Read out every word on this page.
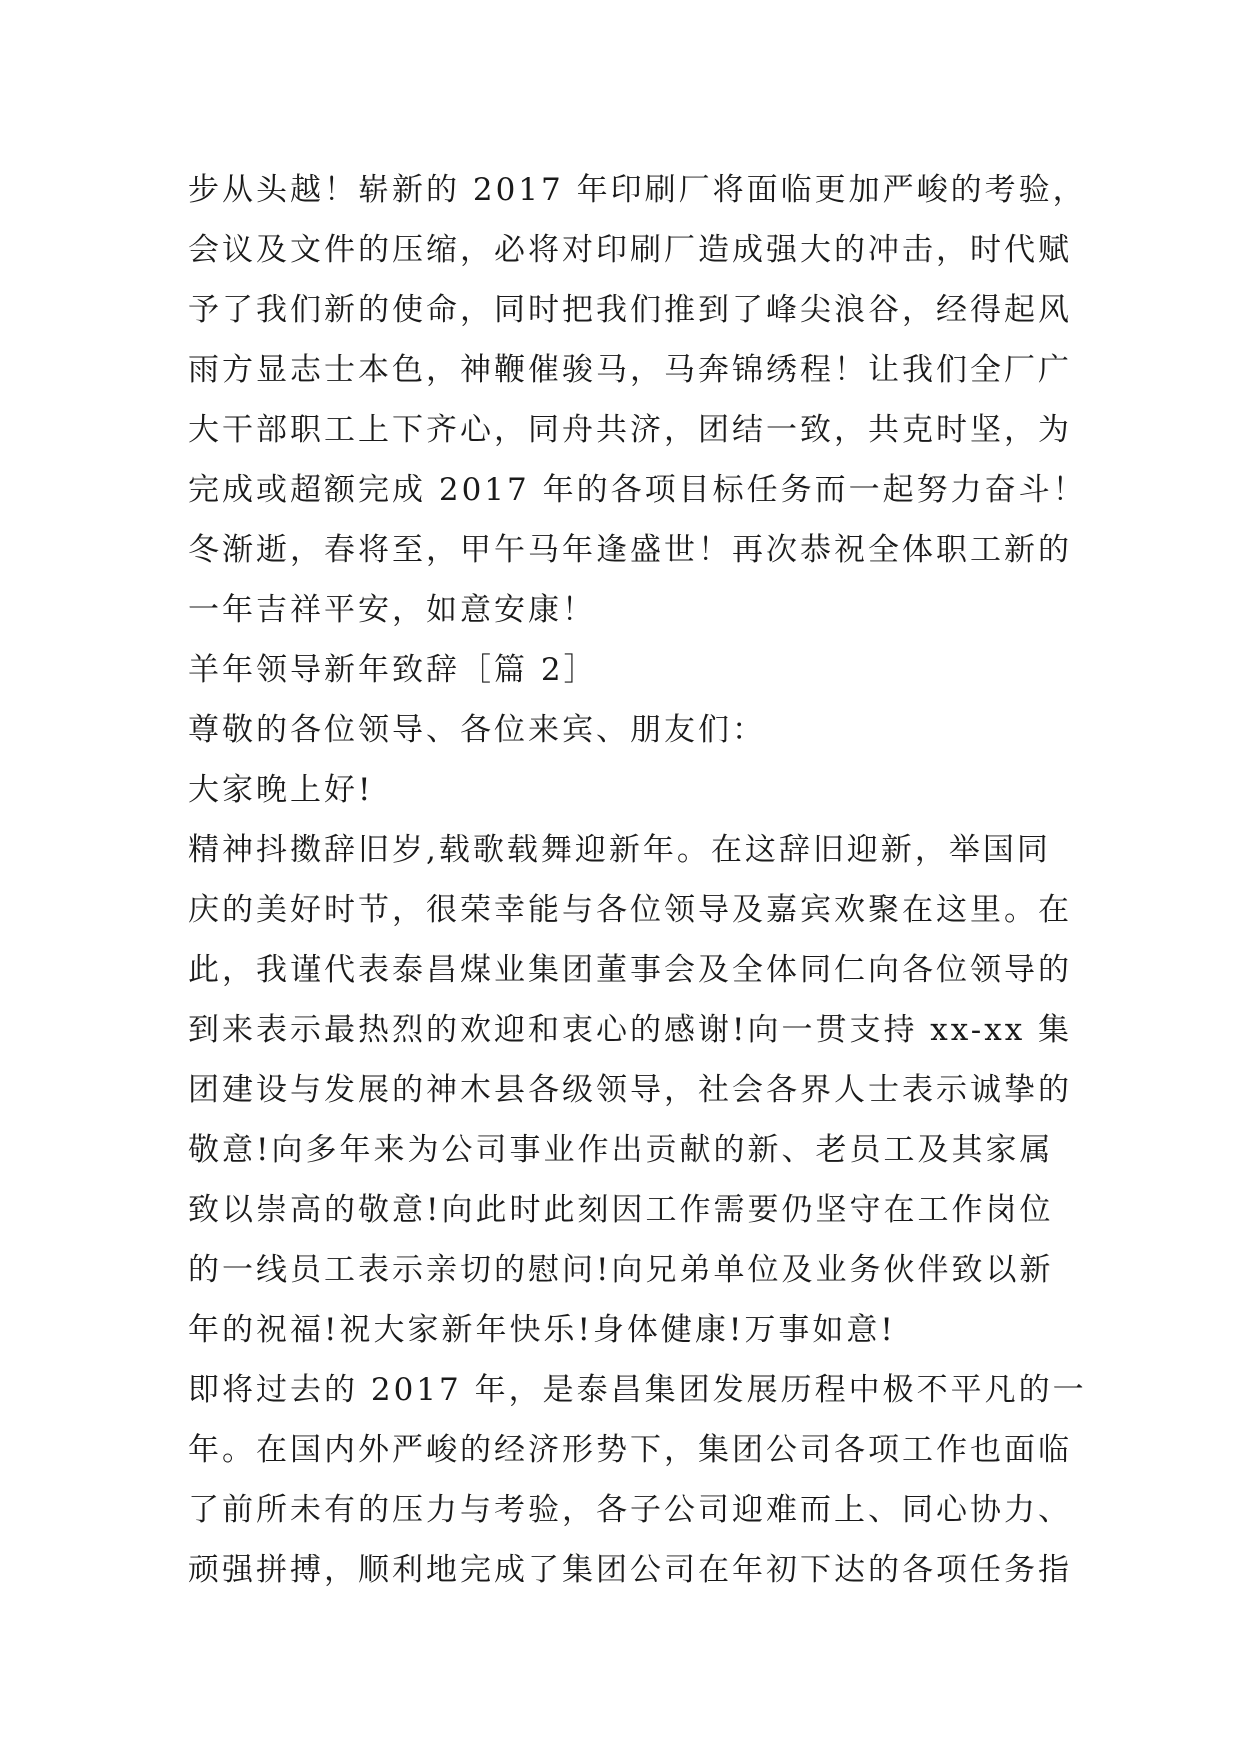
步从头越！崭新的 2017 年印刷厂将面临更加严峻的考验，
会议及文件的压缩，必将对印刷厂造成强大的冲击，时代赋
予了我们新的使命，同时把我们推到了峰尖浪谷，经得起风
雨方显志士本色，神鞭催骏马，马奔锦绣程！让我们全厂广
大干部职工上下齐心，同舟共济，团结一致，共克时坚，为
完成或超额完成 2017 年的各项目标任务而一起努力奋斗！
冬渐逝，春将至，甲午马年逢盛世！再次恭祝全体职工新的
一年吉祥平安，如意安康！
羊年领导新年致辞［篇 2］
尊敬的各位领导、各位来宾、朋友们：
大家晚上好!
精神抖擞辞旧岁,载歌载舞迎新年。在这辞旧迎新，举国同
庆的美好时节，很荣幸能与各位领导及嘉宾欢聚在这里。在
此，我谨代表泰昌煤业集团董事会及全体同仁向各位领导的
到来表示最热烈的欢迎和衷心的感谢!向一贯支持 xx-xx 集
团建设与发展的神木县各级领导，社会各界人士表示诚挚的
敬意!向多年来为公司事业作出贡献的新、老员工及其家属
致以崇高的敬意!向此时此刻因工作需要仍坚守在工作岗位
的一线员工表示亲切的慰问!向兄弟单位及业务伙伴致以新
年的祝福!祝大家新年快乐!身体健康!万事如意!
即将过去的 2017 年，是泰昌集团发展历程中极不平凡的一
年。在国内外严峻的经济形势下，集团公司各项工作也面临
了前所未有的压力与考验，各子公司迎难而上、同心协力、
顽强拼搏，顺利地完成了集团公司在年初下达的各项任务指
